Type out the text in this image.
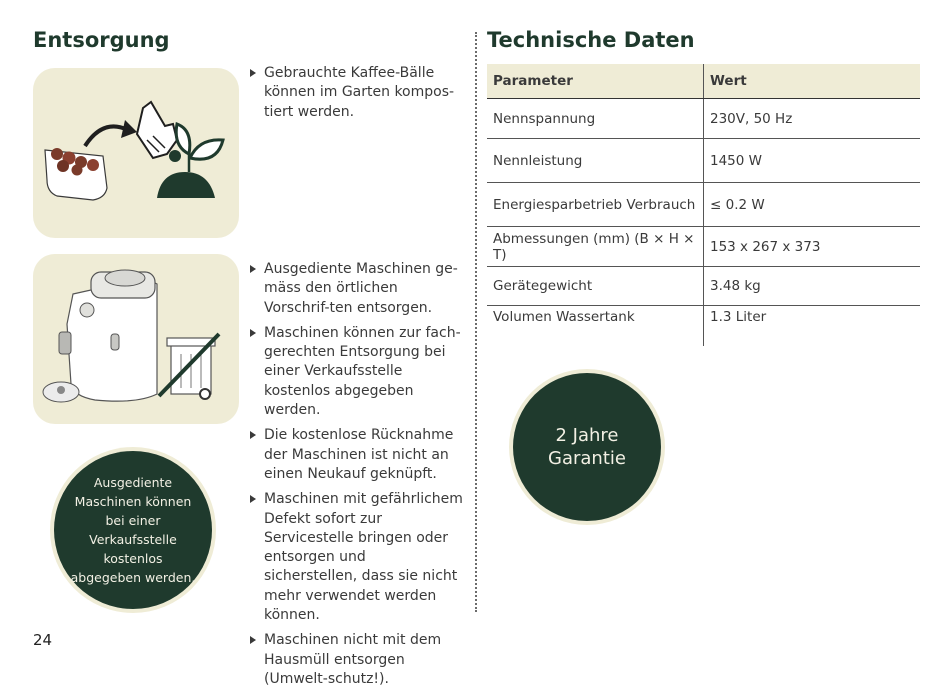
Entsorgung
Gebrauchte Kaffee-Bälle können im Garten kompos-tiert werden.
Ausgediente Maschinen ge-mäss den örtlichen Vorschrif-ten entsorgen.
Maschinen können zur fach-gerechten Entsorgung bei einer Verkaufsstelle kostenlos abgegeben werden.
Die kostenlose Rücknahme der Maschinen ist nicht an einen Neukauf geknüpft.
Maschinen mit gefährlichem Defekt sofort zur Servicestelle bringen oder entsorgen und sicherstellen, dass sie nicht mehr verwendet werden können.
Maschinen nicht mit dem Hausmüll entsorgen (Umwelt-schutz!).
Ausgediente Maschinen können bei einer Verkaufsstelle kostenlos abgegeben werden.
24
Technische Daten
Parameter	Wert
Nennspannung	230V, 50 Hz
Nennleistung	1450 W
Energiesparbetrieb Verbrauch	≤ 0.2 W
Abmessungen (mm) (B × H × T)	153 x 267 x 373
Gerätegewicht	3.48 kg
Volumen Wassertank	1.3 Liter
2 Jahre
Garantie
